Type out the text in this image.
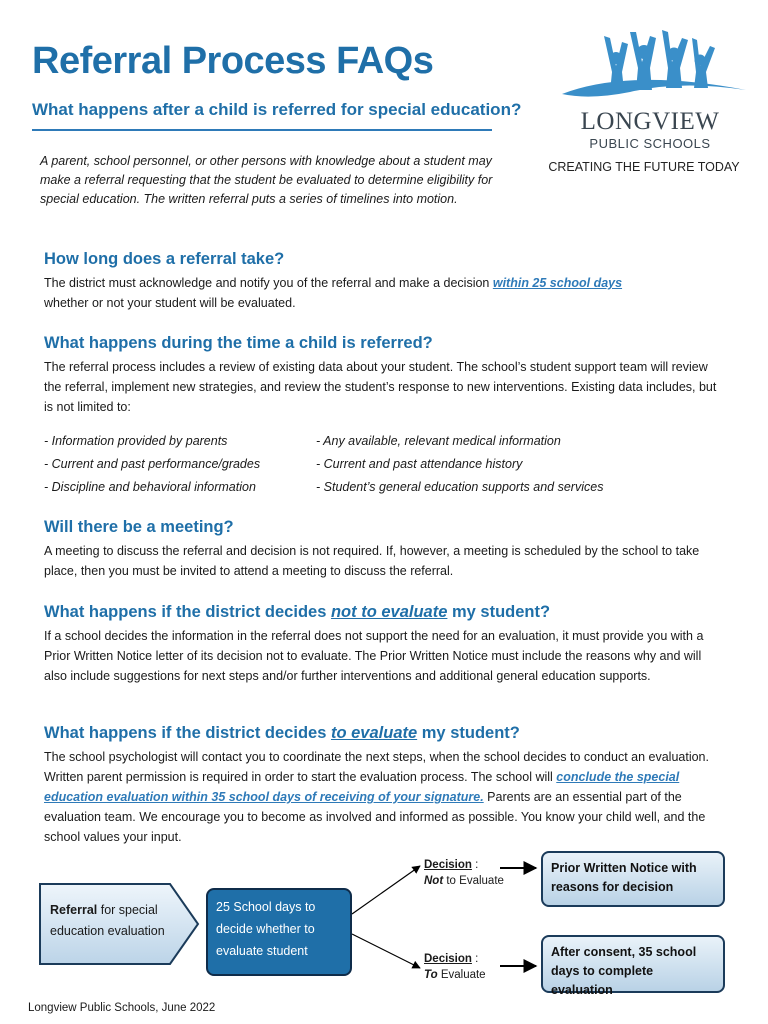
Referral Process FAQs
What happens after a child is referred for special education?	LONGVIEW
PUBLIC SCHOOLS
CREATING THE FUTURE TODAY
A parent, school personnel, or other persons with knowledge about a student may make a referral requesting that the student be evaluated to determine eligibility for special education. The written referral puts a series of timelines into motion.
How long does a referral take?

The district must acknowledge and notify you of the referral and make a decision within 25 school days
whether or not your student will be evaluated.

What happens during the time a child is referred?

The referral process includes a review of existing data about your student. The school’s student support team will review the referral, implement new strategies, and review the student’s response to new interventions. Existing data includes, but is not limited to:

- Information provided by parents
- Current and past performance/grades
- Discipline and behavioral information
- Any available, relevant medical information
- Current and past attendance history
- Student’s general education supports and services
Will there be a meeting?

A meeting to discuss the referral and decision is not required. If, however, a meeting is scheduled by the school to take place, then you must be invited to attend a meeting to discuss the referral.

What happens if the district decides not to evaluate my student?

If a school decides the information in the referral does not support the need for an evaluation, it must provide you with a Prior Written Notice letter of its decision not to evaluate. The Prior Written Notice must include the reasons why and will also include suggestions for next steps and/or further interventions and additional general education supports.

What happens if the district decides to evaluate my student?

The school psychologist will contact you to coordinate the next steps, when the school decides to conduct an evaluation. Written parent permission is required in order to start the evaluation process. The school will conclude the special education evaluation within 35 school days of receiving of your signature. Parents are an essential part of the evaluation team. We encourage you to become as involved and informed as possible. You know your child well, and the school values your input.

Referral for special education evaluation
25 School days to decide whether to evaluate student
Decision :
Not to Evaluate
Decision :
To Evaluate
Prior Written Notice with reasons for decision
After consent, 35 school days to complete evaluation
Longview Public Schools, June 2022
